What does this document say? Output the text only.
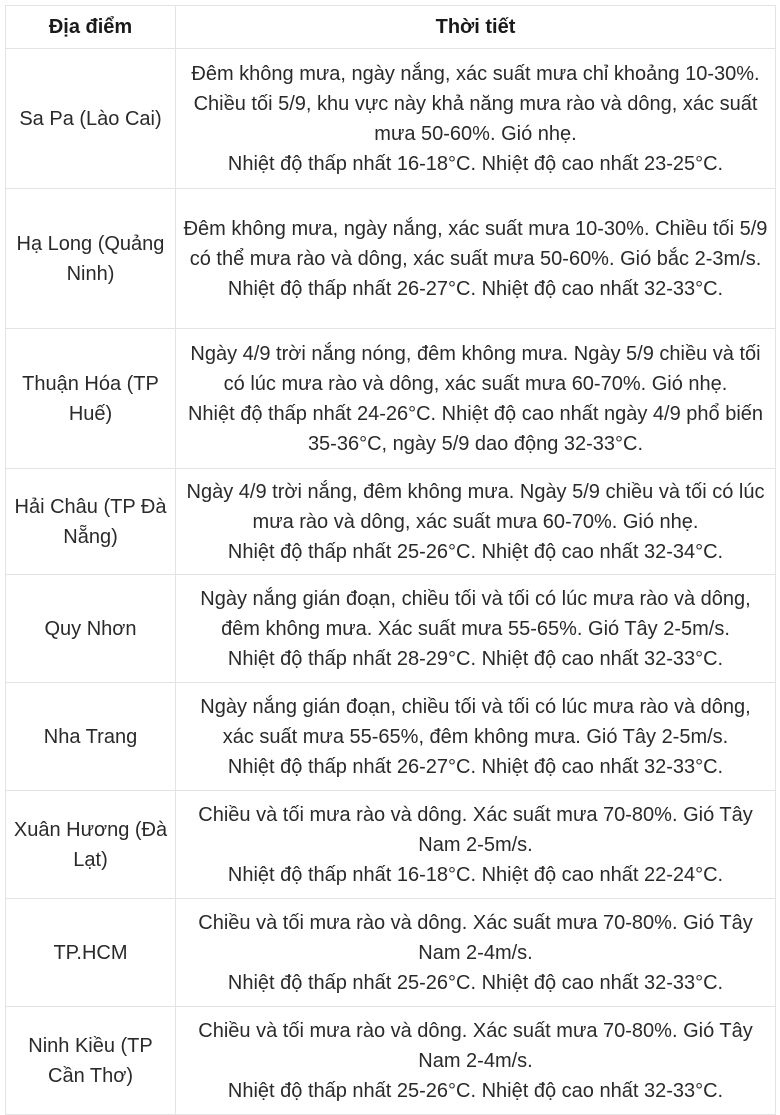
Địa điểm	Thời tiết
Sa Pa (Lào Cai)	Đêm không mưa, ngày nắng, xác suất mưa chỉ khoảng 10-30%. Chiều tối 5/9, khu vực này khả năng mưa rào và dông, xác suất mưa 50-60%. Gió nhẹ.
Nhiệt độ thấp nhất 16-18°C. Nhiệt độ cao nhất 23-25°C.

Hạ Long (Quảng Ninh)	Đêm không mưa, ngày nắng, xác suất mưa 10-30%. Chiều tối 5/9 có thể mưa rào và dông, xác suất mưa 50-60%. Gió bắc 2-3m/s.
Nhiệt độ thấp nhất 26-27°C. Nhiệt độ cao nhất 32-33°C.

Thuận Hóa (TP Huế)	Ngày 4/9 trời nắng nóng, đêm không mưa. Ngày 5/9 chiều và tối có lúc mưa rào và dông, xác suất mưa 60-70%. Gió nhẹ.
Nhiệt độ thấp nhất 24-26°C. Nhiệt độ cao nhất ngày 4/9 phổ biến 35-36°C, ngày 5/9 dao động 32-33°C.

Hải Châu (TP Đà Nẵng)	Ngày 4/9 trời nắng, đêm không mưa. Ngày 5/9 chiều và tối có lúc mưa rào và dông, xác suất mưa 60-70%. Gió nhẹ.
Nhiệt độ thấp nhất 25-26°C. Nhiệt độ cao nhất 32-34°C.

Quy Nhơn	Ngày nắng gián đoạn, chiều tối và tối có lúc mưa rào và dông, đêm không mưa. Xác suất mưa 55-65%. Gió Tây 2-5m/s.
Nhiệt độ thấp nhất 28-29°C. Nhiệt độ cao nhất 32-33°C.

Nha Trang	Ngày nắng gián đoạn, chiều tối và tối có lúc mưa rào và dông, xác suất mưa 55-65%, đêm không mưa. Gió Tây 2-5m/s.
Nhiệt độ thấp nhất 26-27°C. Nhiệt độ cao nhất 32-33°C.

Xuân Hương (Đà Lạt)	Chiều và tối mưa rào và dông. Xác suất mưa 70-80%. Gió Tây Nam 2-5m/s.
Nhiệt độ thấp nhất 16-18°C. Nhiệt độ cao nhất 22-24°C.

TP.HCM	Chiều và tối mưa rào và dông. Xác suất mưa 70-80%. Gió Tây Nam 2-4m/s.
Nhiệt độ thấp nhất 25-26°C. Nhiệt độ cao nhất 32-33°C.

Ninh Kiều (TP Cần Thơ)	Chiều và tối mưa rào và dông. Xác suất mưa 70-80%. Gió Tây Nam 2-4m/s.
Nhiệt độ thấp nhất 25-26°C. Nhiệt độ cao nhất 32-33°C.
